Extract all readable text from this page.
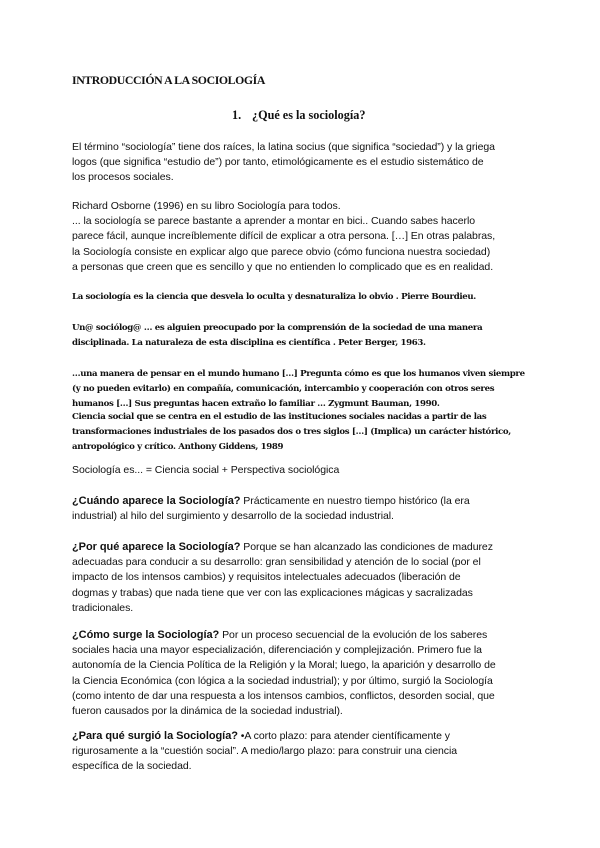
INTRODUCCIÓN A LA SOCIOLOGÍA
1. ¿Qué es la sociología?
El término “sociología” tiene dos raíces, la latina socius (que significa “sociedad”) y la griega
logos (que significa “estudio de”) por tanto, etimológicamente es el estudio sistemático de
los procesos sociales.
Richard Osborne (1996) en su libro Sociología para todos.
... la sociología se parece bastante a aprender a montar en bici.. Cuando sabes hacerlo
parece fácil, aunque increíblemente difícil de explicar a otra persona. […] En otras palabras,
la Sociología consiste en explicar algo que parece obvio (cómo funciona nuestra sociedad)
a personas que creen que es sencillo y que no entienden lo complicado que es en realidad.
La sociología es la ciencia que desvela lo oculta y desnaturaliza lo obvio . Pierre Bourdieu.
Un@ sociólog@ … es alguien preocupado por la comprensión de la sociedad de una manera
disciplinada. La naturaleza de esta disciplina es científica . Peter Berger, 1963.
…una manera de pensar en el mundo humano […] Pregunta cómo es que los humanos viven siempre
(y no pueden evitarlo) en compañía, comunicación, intercambio y cooperación con otros seres
humanos […] Sus preguntas hacen extraño lo familiar … Zygmunt Bauman, 1990.
Ciencia social que se centra en el estudio de las instituciones sociales nacidas a partir de las
transformaciones industriales de los pasados dos o tres siglos […] (Implica) un carácter histórico,
antropológico y crítico. Anthony Giddens, 1989
Sociología es... = Ciencia social + Perspectiva sociológica
¿Cuándo aparece la Sociología? Prácticamente en nuestro tiempo histórico (la era
industrial) al hilo del surgimiento y desarrollo de la sociedad industrial.
¿Por qué aparece la Sociología? Porque se han alcanzado las condiciones de madurez
adecuadas para conducir a su desarrollo: gran sensibilidad y atención de lo social (por el
impacto de los intensos cambios) y requisitos intelectuales adecuados (liberación de
dogmas y trabas) que nada tiene que ver con las explicaciones mágicas y sacralizadas
tradicionales.
¿Cómo surge la Sociología? Por un proceso secuencial de la evolución de los saberes
sociales hacia una mayor especialización, diferenciación y complejización. Primero fue la
autonomía de la Ciencia Política de la Religión y la Moral; luego, la aparición y desarrollo de
la Ciencia Económica (con lógica a la sociedad industrial); y por último, surgió la Sociología
(como intento de dar una respuesta a los intensos cambios, conflictos, desorden social, que
fueron causados por la dinámica de la sociedad industrial).
¿Para qué surgió la Sociología? •A corto plazo: para atender científicamente y
rigurosamente a la “cuestión social”. A medio/largo plazo: para construir una ciencia
específica de la sociedad.
